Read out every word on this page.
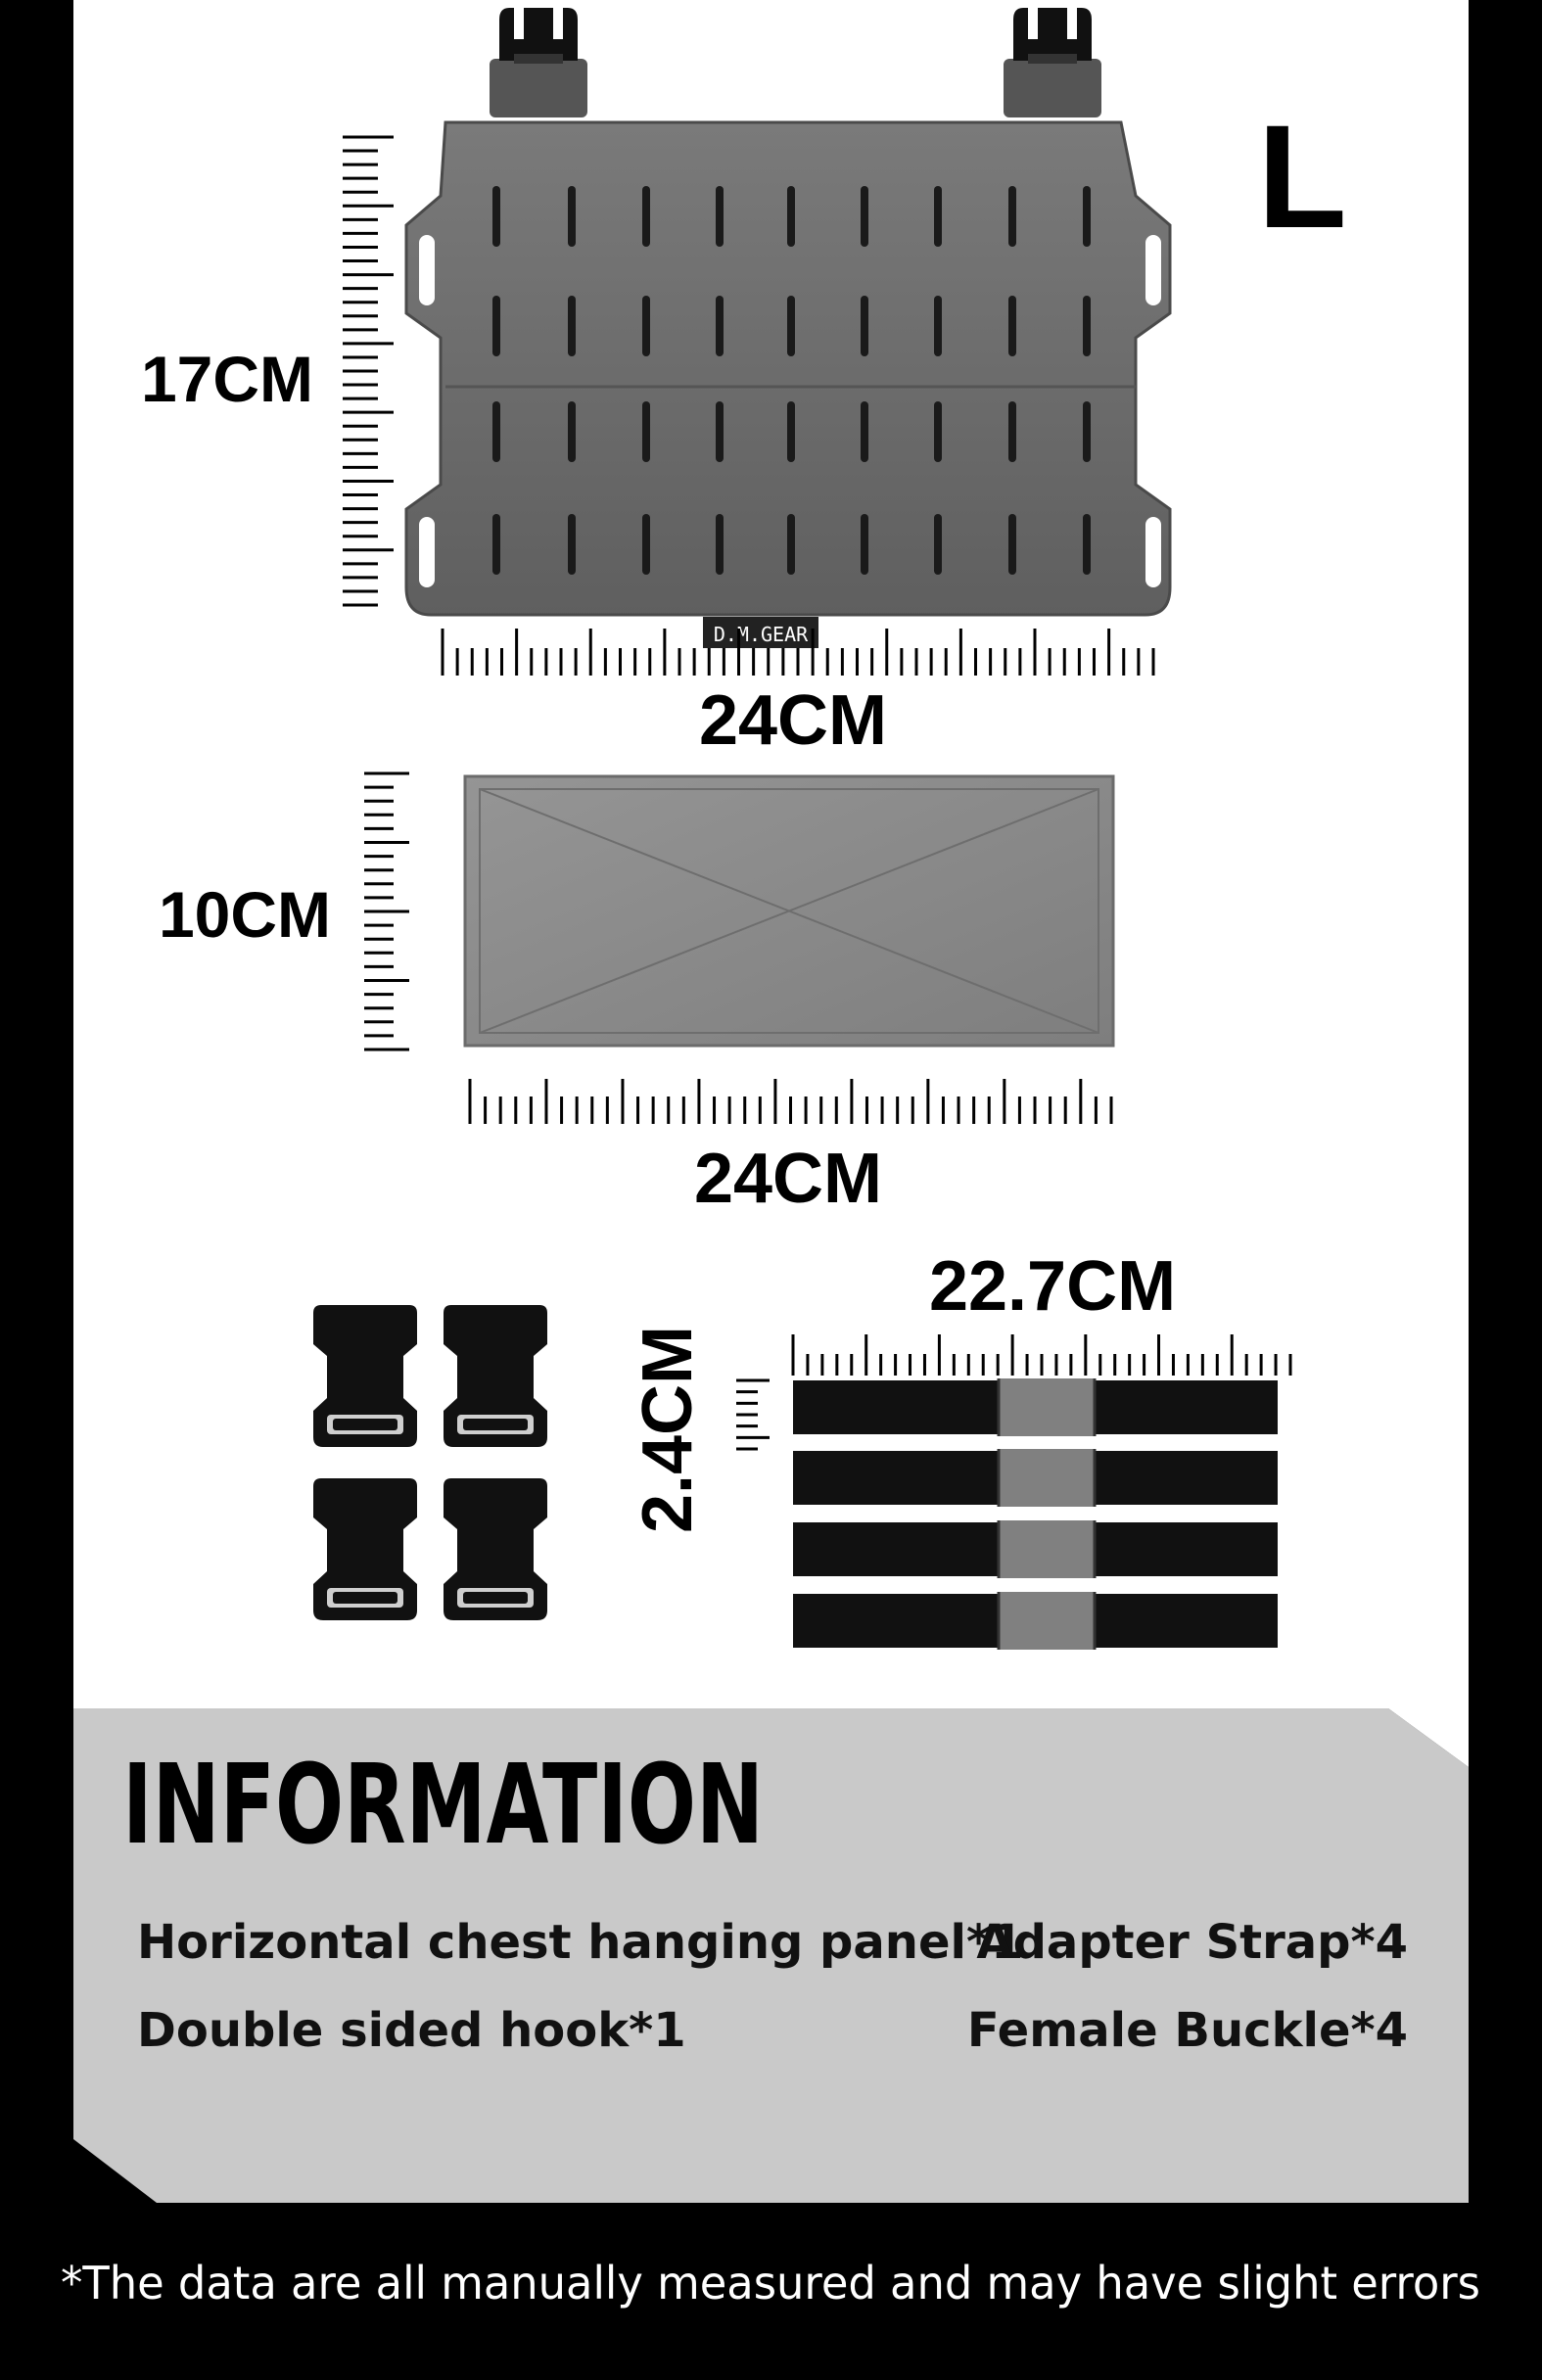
D.M.GEAR
L
17CM
24CM
10CM
24CM
22.7CM
2.4CM
INFORMATION
Horizontal chest hanging panel*1
Adapter Strap*4
Double sided hook*1	Female Buckle*4
*The data are all manually measured and may have slight errors
